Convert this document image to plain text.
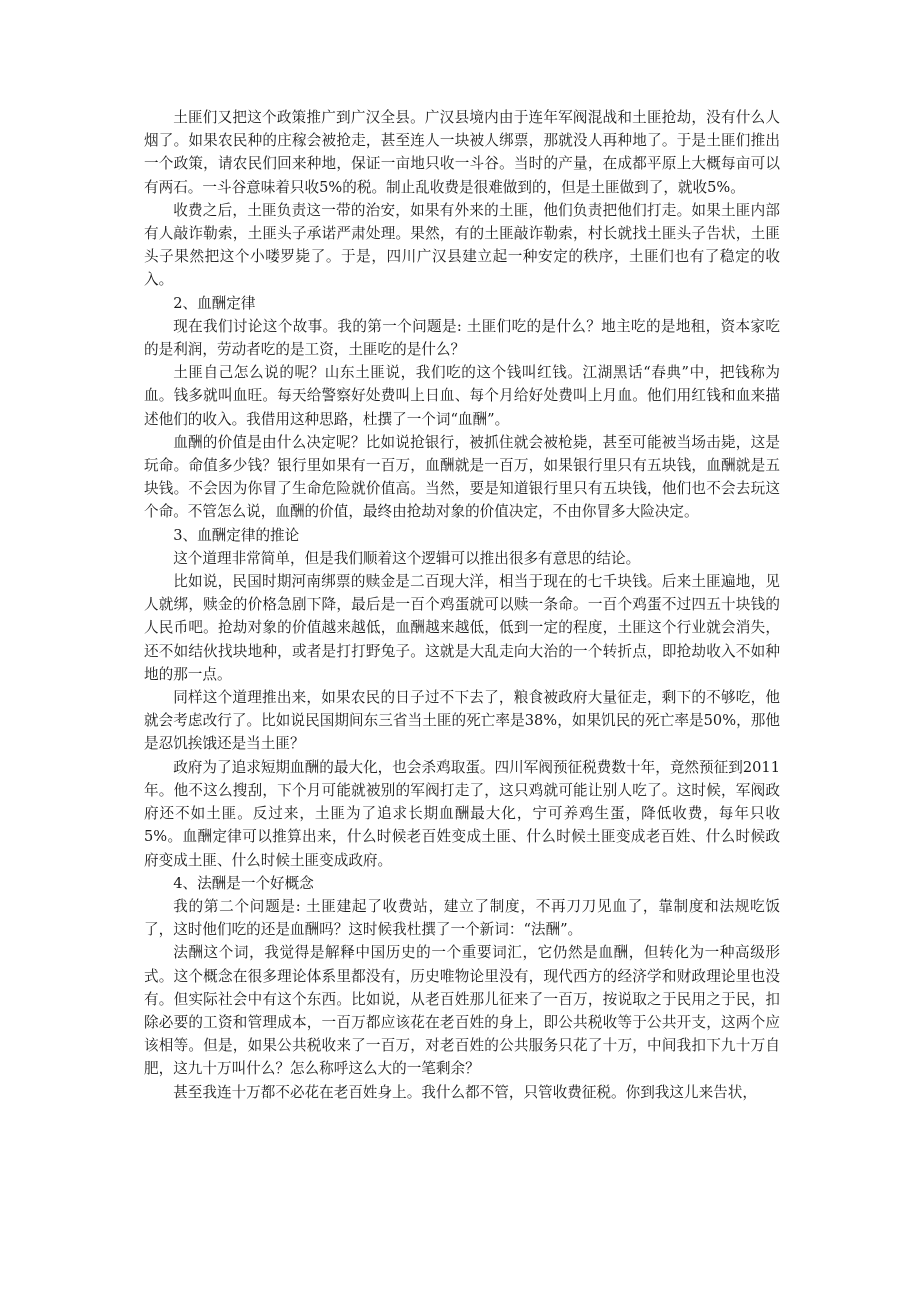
土匪们又把这个政策推广到广汉全县。广汉县境内由于连年军阀混战和土匪抢劫，没有什么人烟了。如果农民种的庄稼会被抢走，甚至连人一块被人绑票，那就没人再种地了。于是土匪们推出一个政策，请农民们回来种地，保证一亩地只收一斗谷。当时的产量，在成都平原上大概每亩可以有两石。一斗谷意味着只收5%的税。制止乱收费是很难做到的，但是土匪做到了，就收5%。

收费之后，土匪负责这一带的治安，如果有外来的土匪，他们负责把他们打走。如果土匪内部有人敲诈勒索，土匪头子承诺严肃处理。果然，有的土匪敲诈勒索，村长就找土匪头子告状，土匪头子果然把这个小喽罗毙了。于是，四川广汉县建立起一种安定的秩序，土匪们也有了稳定的收入。

2、血酬定律

现在我们讨论这个故事。我的第一个问题是: 土匪们吃的是什么？地主吃的是地租，资本家吃的是利润，劳动者吃的是工资，土匪吃的是什么？

土匪自己怎么说的呢？山东土匪说，我们吃的这个钱叫红钱。江湖黑话“春典”中，把钱称为血。钱多就叫血旺。每天给警察好处费叫上日血、每个月给好处费叫上月血。他们用红钱和血来描述他们的收入。我借用这种思路，杜撰了一个词“血酬”。

血酬的价值是由什么决定呢？比如说抢银行，被抓住就会被枪毙，甚至可能被当场击毙，这是玩命。命值多少钱？银行里如果有一百万，血酬就是一百万，如果银行里只有五块钱，血酬就是五块钱。不会因为你冒了生命危险就价值高。当然，要是知道银行里只有五块钱，他们也不会去玩这个命。不管怎么说，血酬的价值，最终由抢劫对象的价值决定，不由你冒多大险决定。

3、血酬定律的推论

这个道理非常简单，但是我们顺着这个逻辑可以推出很多有意思的结论。

比如说，民国时期河南绑票的赎金是二百现大洋，相当于现在的七千块钱。后来土匪遍地，见人就绑，赎金的价格急剧下降，最后是一百个鸡蛋就可以赎一条命。一百个鸡蛋不过四五十块钱的人民币吧。抢劫对象的价值越来越低，血酬越来越低，低到一定的程度，土匪这个行业就会消失，还不如结伙找块地种，或者是打打野兔子。这就是大乱走向大治的一个转折点，即抢劫收入不如种地的那一点。

同样这个道理推出来，如果农民的日子过不下去了，粮食被政府大量征走，剩下的不够吃，他就会考虑改行了。比如说民国期间东三省当土匪的死亡率是38%，如果饥民的死亡率是50%，那他是忍饥挨饿还是当土匪？

政府为了追求短期血酬的最大化，也会杀鸡取蛋。四川军阀预征税费数十年，竟然预征到2011年。他不这么搜刮，下个月可能就被别的军阀打走了，这只鸡就可能让别人吃了。这时候，军阀政府还不如土匪。反过来，土匪为了追求长期血酬最大化，宁可养鸡生蛋，降低收费，每年只收5%。血酬定律可以推算出来，什么时候老百姓变成土匪、什么时候土匪变成老百姓、什么时候政府变成土匪、什么时候土匪变成政府。

4、法酬是一个好概念

我的第二个问题是: 土匪建起了收费站，建立了制度，不再刀刀见血了，靠制度和法规吃饭了，这时他们吃的还是血酬吗？这时候我杜撰了一个新词：“法酬”。

法酬这个词，我觉得是解释中国历史的一个重要词汇，它仍然是血酬，但转化为一种高级形式。这个概念在很多理论体系里都没有，历史唯物论里没有，现代西方的经济学和财政理论里也没有。但实际社会中有这个东西。比如说，从老百姓那儿征来了一百万，按说取之于民用之于民，扣除必要的工资和管理成本，一百万都应该花在老百姓的身上，即公共税收等于公共开支，这两个应该相等。但是，如果公共税收来了一百万，对老百姓的公共服务只花了十万，中间我扣下九十万自肥，这九十万叫什么？怎么称呼这么大的一笔剩余？

甚至我连十万都不必花在老百姓身上。我什么都不管，只管收费征税。你到我这儿来告状，
